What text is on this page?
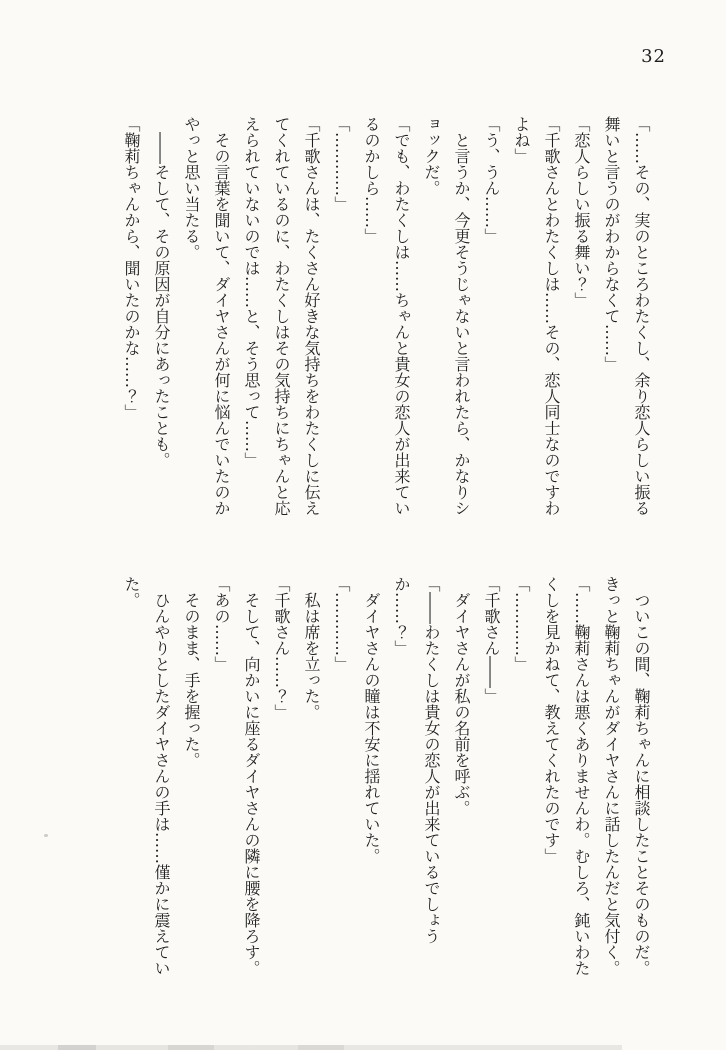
32

「……その、実のところわたくし、余り恋人らしい振る舞いと言うのがわからなくて……」

「恋人らしい振る舞い？」

「千歌さんとわたくしは……その、恋人同士なのですわよね」

「う、うん……」

と言うか、今更そうじゃないと言われたら、かなりショックだ。

「でも、わたくしは……ちゃんと貴女の恋人が出来ているのかしら……」

「…………」

「千歌さんは、たくさん好きな気持ちをわたくしに伝えてくれているのに、わたくしはその気持ちにちゃんと応えられていないのでは……と、そう思って……」

その言葉を聞いて、ダイヤさんが何に悩んでいたのかやっと思い当たる。

――そして、その原因が自分にあったことも。

「鞠莉ちゃんから、聞いたのかな……？」

ついこの間、鞠莉ちゃんに相談したことそのものだ。きっと鞠莉ちゃんがダイヤさんに話したんだと気付く。

「……鞠莉さんは悪くありませんわ。むしろ、鈍いわたくしを見かねて、教えてくれたのです」

「…………」

「千歌さん――」

ダイヤさんが私の名前を呼ぶ。

「――わたくしは貴女の恋人が出来ているでしょうか……？」

ダイヤさんの瞳は不安に揺れていた。

「…………」

私は席を立った。

「千歌さん……？」

そして、向かいに座るダイヤさんの隣に腰を降ろす。

「あの……」

そのまま、手を握った。

ひんやりとしたダイヤさんの手は……僅かに震えていた。
